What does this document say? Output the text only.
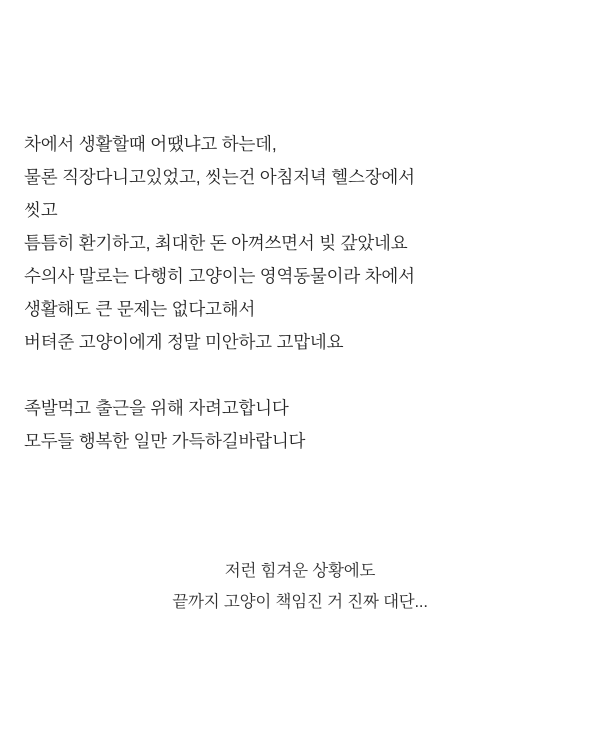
차에서 생활할때 어땠냐고 하는데,
물론 직장다니고있었고, 씻는건 아침저녁 헬스장에서
씻고
틈틈히 환기하고, 최대한 돈 아껴쓰면서 빚 갚았네요
수의사 말로는 다행히 고양이는 영역동물이라 차에서
생활해도 큰 문제는 없다고해서
버텨준 고양이에게 정말 미안하고 고맙네요
족발먹고 출근을 위해 자려고합니다
모두들 행복한 일만 가득하길바랍니다
저런 힘겨운 상황에도
끝까지 고양이 책임진 거 진짜 대단...
